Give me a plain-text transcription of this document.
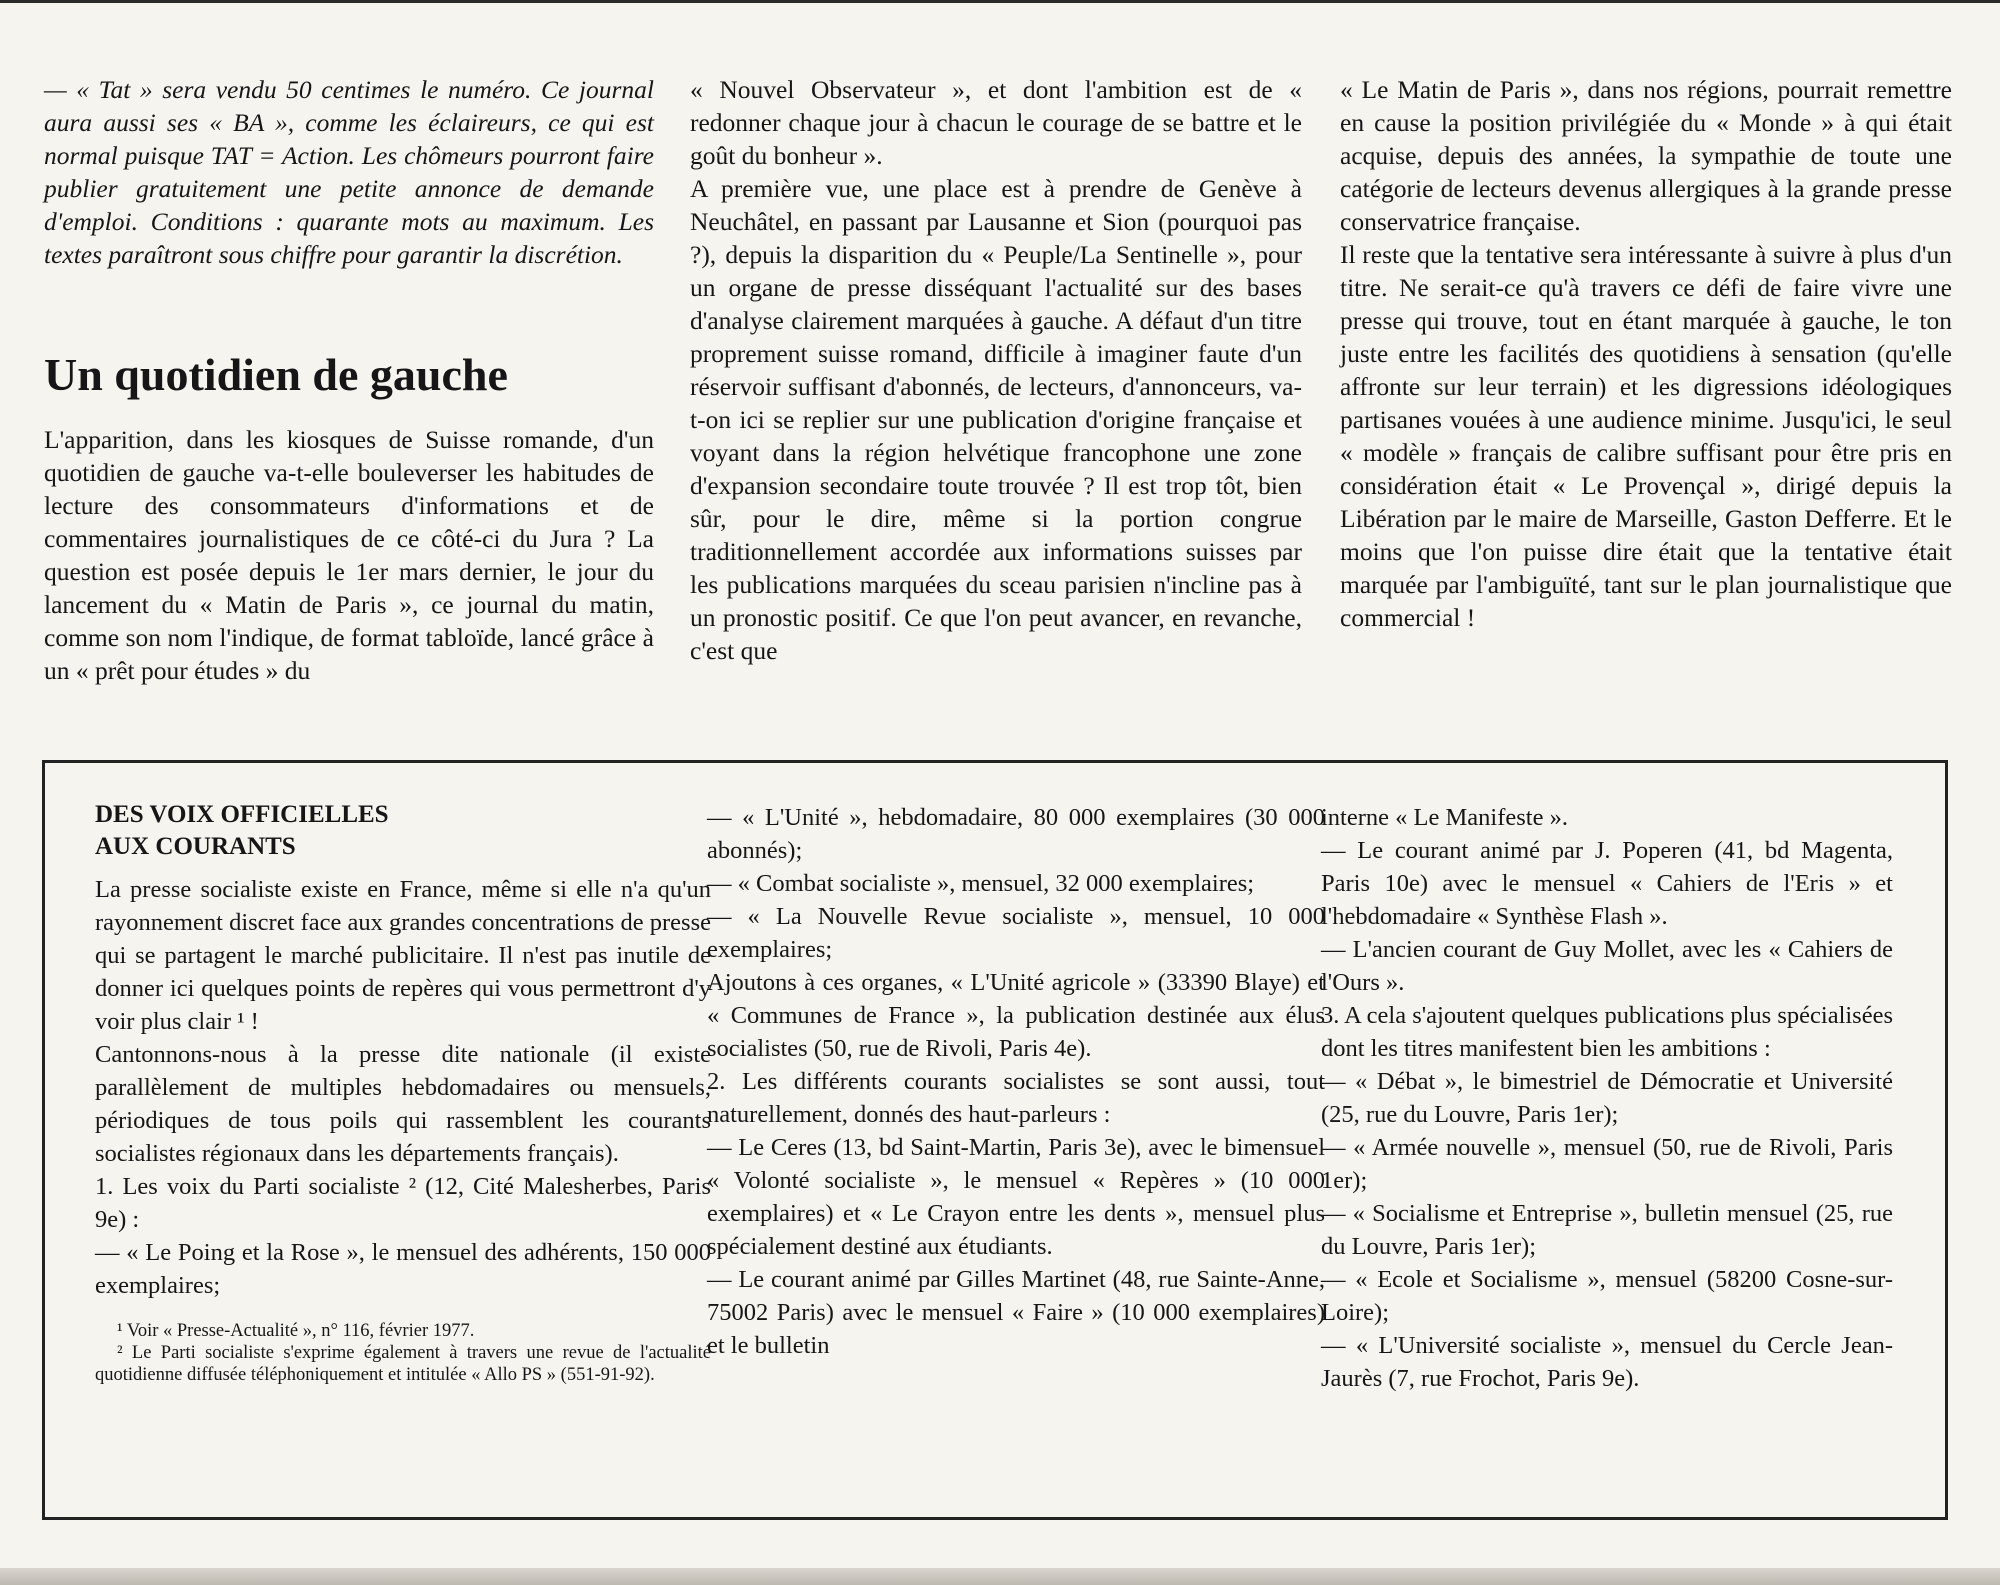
— « Tat » sera vendu 50 centimes le numéro. Ce journal aura aussi ses « BA », comme les éclaireurs, ce qui est normal puisque TAT = Action. Les chômeurs pourront faire publier gratuitement une petite annonce de demande d'emploi. Conditions : quarante mots au maximum. Les textes paraîtront sous chiffre pour garantir la discrétion.

Un quotidien de gauche

L'apparition, dans les kiosques de Suisse romande, d'un quotidien de gauche va-t-elle bouleverser les habitudes de lecture des consommateurs d'informations et de commentaires journalistiques de ce côté-ci du Jura ? La question est posée depuis le 1er mars dernier, le jour du lancement du « Matin de Paris », ce journal du matin, comme son nom l'indique, de format tabloïde, lancé grâce à un « prêt pour études » du

« Nouvel Observateur », et dont l'ambition est de « redonner chaque jour à chacun le courage de se battre et le goût du bonheur ».

A première vue, une place est à prendre de Genève à Neuchâtel, en passant par Lausanne et Sion (pourquoi pas ?), depuis la disparition du « Peuple/La Sentinelle », pour un organe de presse disséquant l'actualité sur des bases d'analyse clairement marquées à gauche. A défaut d'un titre proprement suisse romand, difficile à imaginer faute d'un réservoir suffisant d'abonnés, de lecteurs, d'annonceurs, va-t-on ici se replier sur une publication d'origine française et voyant dans la région helvétique francophone une zone d'expansion secondaire toute trouvée ? Il est trop tôt, bien sûr, pour le dire, même si la portion congrue traditionnellement accordée aux informations suisses par les publications marquées du sceau parisien n'incline pas à un pronostic positif. Ce que l'on peut avancer, en revanche, c'est que

« Le Matin de Paris », dans nos régions, pourrait remettre en cause la position privilégiée du « Monde » à qui était acquise, depuis des années, la sympathie de toute une catégorie de lecteurs devenus allergiques à la grande presse conservatrice française.

Il reste que la tentative sera intéressante à suivre à plus d'un titre. Ne serait-ce qu'à travers ce défi de faire vivre une presse qui trouve, tout en étant marquée à gauche, le ton juste entre les facilités des quotidiens à sensation (qu'elle affronte sur leur terrain) et les digressions idéologiques partisanes vouées à une audience minime. Jusqu'ici, le seul « modèle » français de calibre suffisant pour être pris en considération était « Le Provençal », dirigé depuis la Libération par le maire de Marseille, Gaston Defferre. Et le moins que l'on puisse dire était que la tentative était marquée par l'ambiguïté, tant sur le plan journalistique que commercial !

DES VOIX OFFICIELLES
AUX COURANTS

La presse socialiste existe en France, même si elle n'a qu'un rayonnement discret face aux grandes concentrations de presse qui se partagent le marché publicitaire. Il n'est pas inutile de donner ici quelques points de repères qui vous permettront d'y voir plus clair ¹ !

Cantonnons-nous à la presse dite nationale (il existe parallèlement de multiples hebdomadaires ou mensuels, périodiques de tous poils qui rassemblent les courants socialistes régionaux dans les départements français).

1. Les voix du Parti socialiste ² (12, Cité Malesherbes, Paris 9e) :

— « Le Poing et la Rose », le mensuel des adhérents, 150 000 exemplaires;

¹ Voir « Presse-Actualité », n° 116, février 1977.

² Le Parti socialiste s'exprime également à travers une revue de l'actualité quotidienne diffusée téléphoniquement et intitulée « Allo PS » (551-91-92).

— « L'Unité », hebdomadaire, 80 000 exemplaires (30 000 abonnés);

— « Combat socialiste », mensuel, 32 000 exemplaires;

— « La Nouvelle Revue socialiste », mensuel, 10 000 exemplaires;

Ajoutons à ces organes, « L'Unité agricole » (33390 Blaye) et « Communes de France », la publication destinée aux élus socialistes (50, rue de Rivoli, Paris 4e).

2. Les différents courants socialistes se sont aussi, tout naturellement, donnés des haut-parleurs :

— Le Ceres (13, bd Saint-Martin, Paris 3e), avec le bimensuel « Volonté socialiste », le mensuel « Repères » (10 000 exemplaires) et « Le Crayon entre les dents », mensuel plus spécialement destiné aux étudiants.

— Le courant animé par Gilles Martinet (48, rue Sainte-Anne, 75002 Paris) avec le mensuel « Faire » (10 000 exemplaires) et le bulletin

interne « Le Manifeste ».

— Le courant animé par J. Poperen (41, bd Magenta, Paris 10e) avec le mensuel « Cahiers de l'Eris » et l'hebdomadaire « Synthèse Flash ».

— L'ancien courant de Guy Mollet, avec les « Cahiers de l'Ours ».

3. A cela s'ajoutent quelques publications plus spécialisées dont les titres manifestent bien les ambitions :

— « Débat », le bimestriel de Démocratie et Université (25, rue du Louvre, Paris 1er);

— « Armée nouvelle », mensuel (50, rue de Rivoli, Paris 1er);

— « Socialisme et Entreprise », bulletin mensuel (25, rue du Louvre, Paris 1er);

— « Ecole et Socialisme », mensuel (58200 Cosne-sur-Loire);

— « L'Université socialiste », mensuel du Cercle Jean-Jaurès (7, rue Frochot, Paris 9e).
